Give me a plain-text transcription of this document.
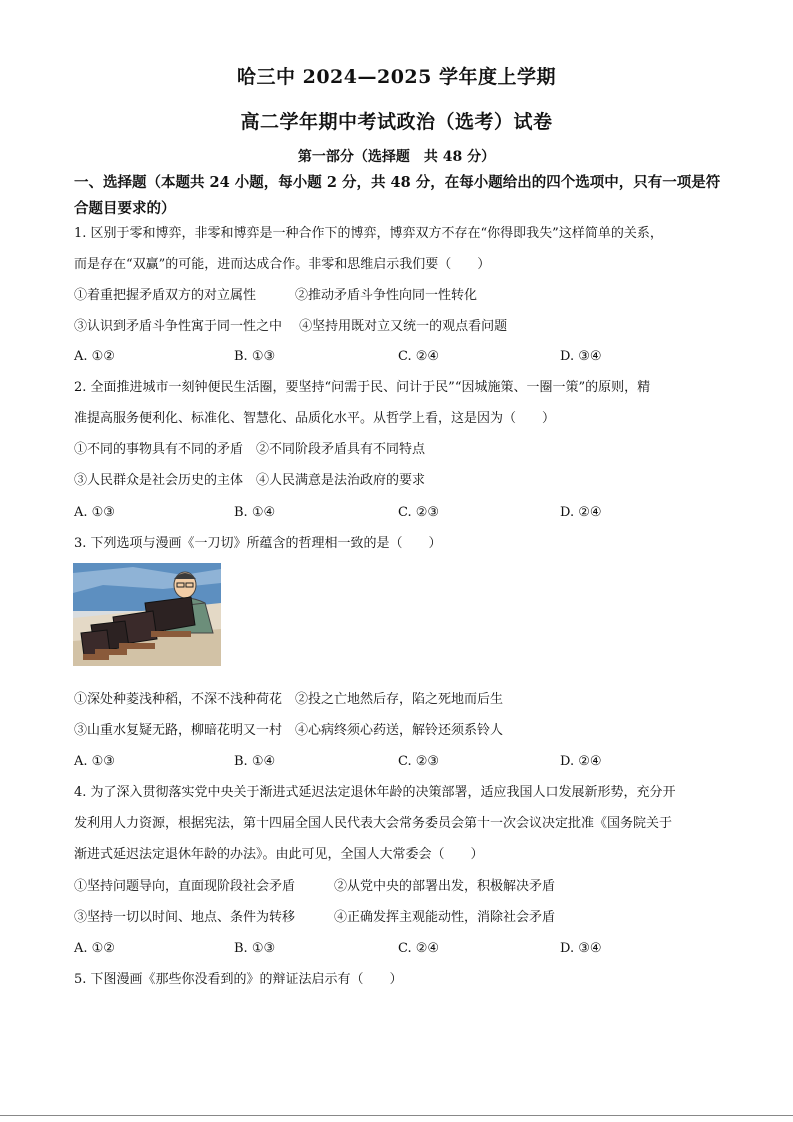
哈三中 2024—2025 学年度上学期
高二学年期中考试政治（选考）试卷
第一部分（选择题　共 48 分）
一、选择题（本题共 24 小题，每小题 2 分，共 48 分，在每小题给出的四个选项中，只有一项是符合题目要求的）
1. 区别于零和博弈，非零和博弈是一种合作下的博弈，博弈双方不存在“你得即我失”这样简单的关系，
而是存在“双赢”的可能，进而达成合作。非零和思维启示我们要（　　）
①着重把握矛盾双方的对立属性　　　②推动矛盾斗争性向同一性转化
③认识到矛盾斗争性寓于同一性之中　 ④坚持用既对立又统一的观点看问题
A. ①②	B. ①③	C. ②④	D. ③④
2. 全面推进城市一刻钟便民生活圈，要坚持“问需于民、问计于民”“因城施策、一圈一策”的原则，精
准提高服务便利化、标准化、智慧化、品质化水平。从哲学上看，这是因为（　　）
①不同的事物具有不同的矛盾　②不同阶段矛盾具有不同特点
③人民群众是社会历史的主体　④人民满意是法治政府的要求
A. ①③	B. ①④	C. ②③	D. ②④
3. 下列选项与漫画《一刀切》所蕴含的哲理相一致的是（　　）
①深处种菱浅种稻，不深不浅种荷花　②投之亡地然后存，陷之死地而后生
③山重水复疑无路，柳暗花明又一村　④心病终须心药送，解铃还须系铃人
A. ①③	B. ①④	C. ②③	D. ②④
4. 为了深入贯彻落实党中央关于渐进式延迟法定退休年龄的决策部署，适应我国人口发展新形势，充分开
发利用人力资源，根据宪法，第十四届全国人民代表大会常务委员会第十一次会议决定批准《国务院关于
渐进式延迟法定退休年龄的办法》。由此可见，全国人大常委会（　　）
①坚持问题导向，直面现阶段社会矛盾　　　②从党中央的部署出发，积极解决矛盾
③坚持一切以时间、地点、条件为转移　　　④正确发挥主观能动性，消除社会矛盾
A. ①②	B. ①③	C. ②④	D. ③④
5. 下图漫画《那些你没看到的》的辩证法启示有（　　）
